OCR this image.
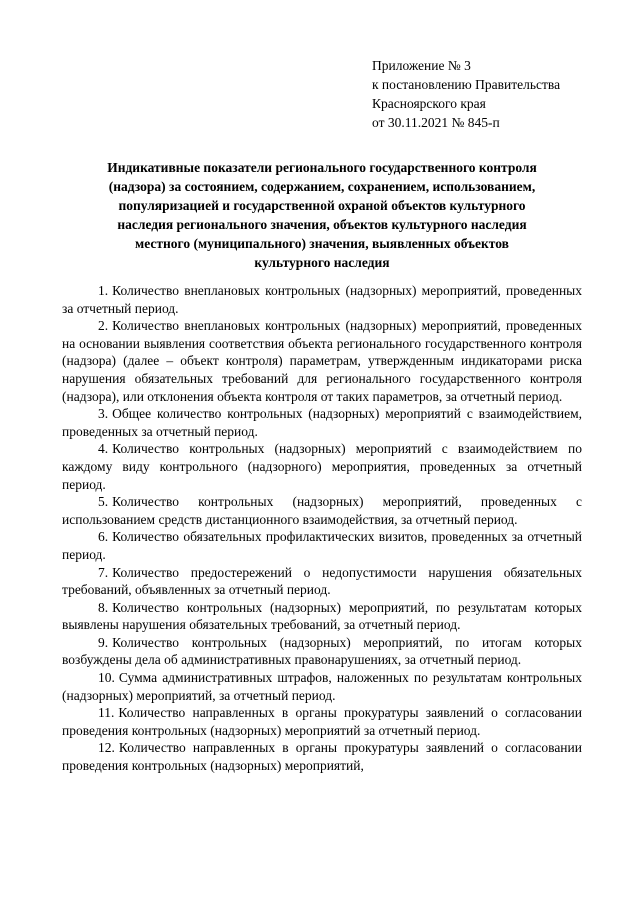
Приложение № 3
к постановлению Правительства
Красноярского края
от 30.11.2021 № 845-п
Индикативные показатели регионального государственного контроля
(надзора) за состоянием, содержанием, сохранением, использованием,
популяризацией и государственной охраной объектов культурного
наследия регионального значения, объектов культурного наследия
местного (муниципального) значения, выявленных объектов
культурного наследия

1. Количество внеплановых контрольных (надзорных) мероприятий, проведенных за отчетный период.

2. Количество внеплановых контрольных (надзорных) мероприятий, проведенных на основании выявления соответствия объекта регионального государственного контроля (надзора) (далее – объект контроля) параметрам, утвержденным индикаторами риска нарушения обязательных требований для регионального государственного контроля (надзора), или отклонения объекта контроля от таких параметров, за отчетный период.

3. Общее количество контрольных (надзорных) мероприятий с взаимодействием, проведенных за отчетный период.

4. Количество контрольных (надзорных) мероприятий с взаимодействием по каждому виду контрольного (надзорного) мероприятия, проведенных за отчетный период.

5. Количество контрольных (надзорных) мероприятий, проведенных с использованием средств дистанционного взаимодействия, за отчетный период.

6. Количество обязательных профилактических визитов, проведенных за отчетный период.

7. Количество предостережений о недопустимости нарушения обязательных требований, объявленных за отчетный период.

8. Количество контрольных (надзорных) мероприятий, по результатам которых выявлены нарушения обязательных требований, за отчетный период.

9. Количество контрольных (надзорных) мероприятий, по итогам которых возбуждены дела об административных правонарушениях, за отчетный период.

10. Сумма административных штрафов, наложенных по результатам контрольных (надзорных) мероприятий, за отчетный период.

11. Количество направленных в органы прокуратуры заявлений о согласовании проведения контрольных (надзорных) мероприятий за отчетный период.

12. Количество направленных в органы прокуратуры заявлений о согласовании проведения контрольных (надзорных) мероприятий,
